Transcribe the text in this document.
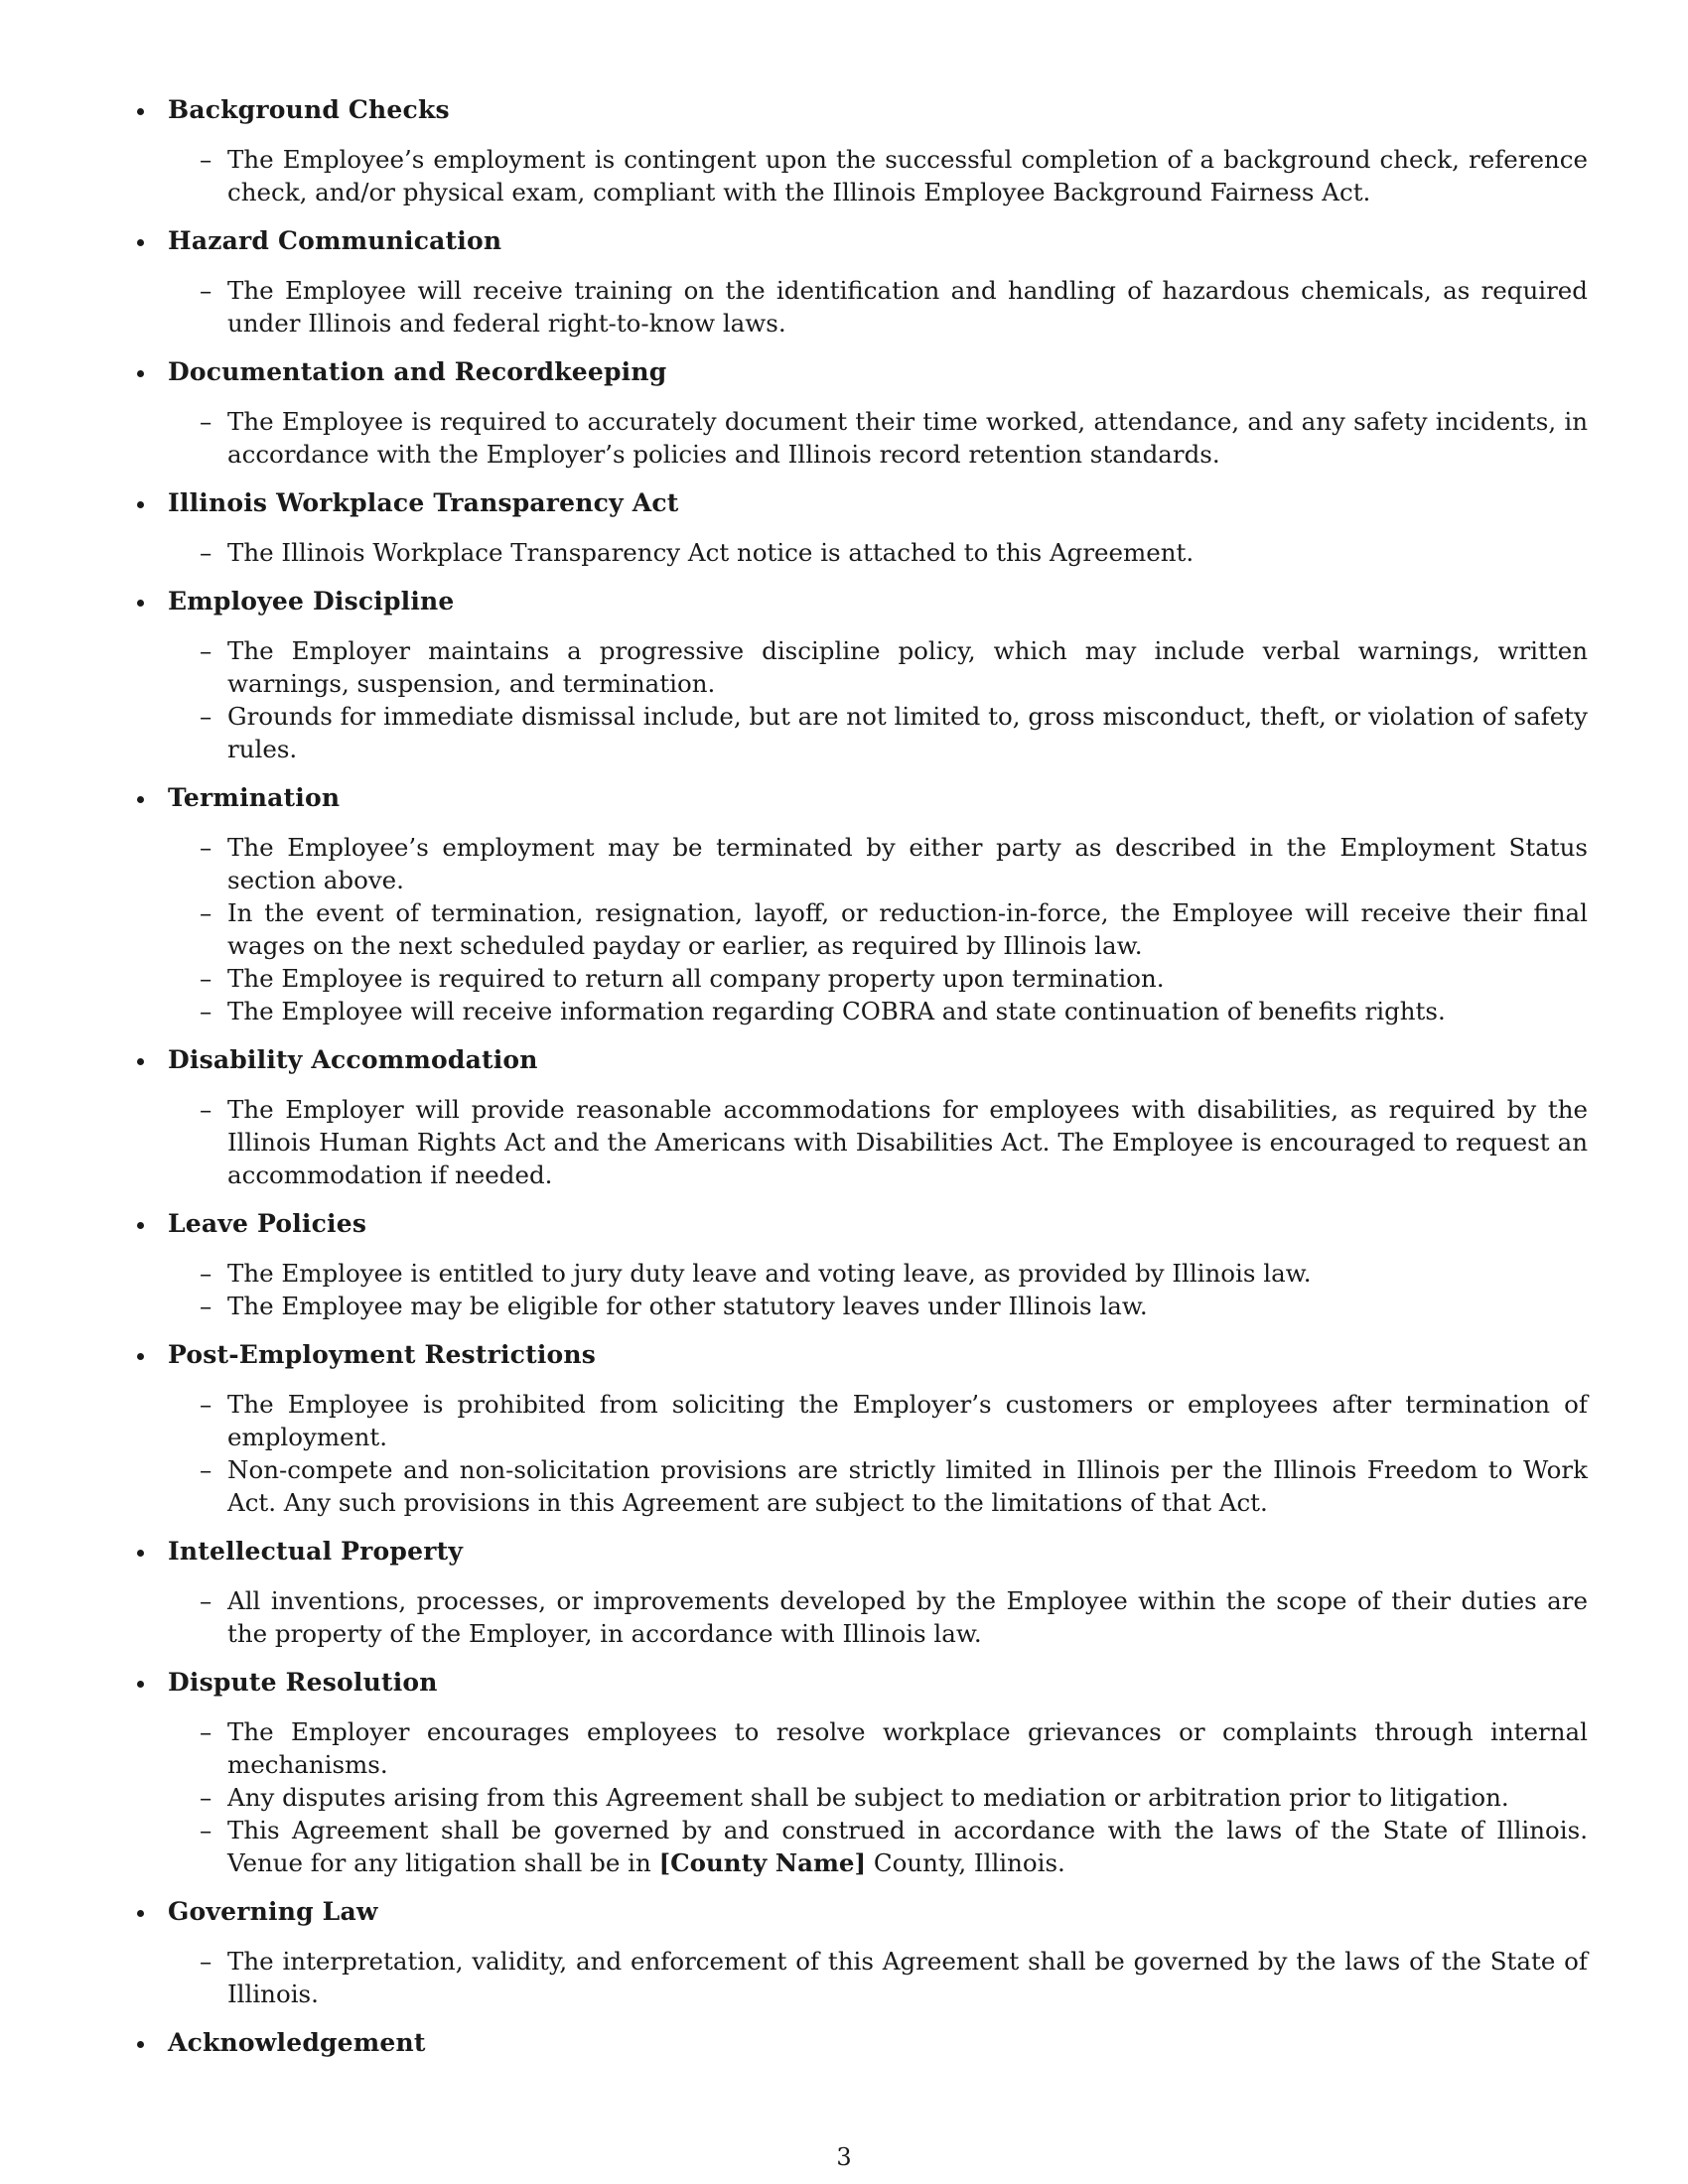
Background Checks
– The Employee’s employment is contingent upon the successful completion of a background check, reference check, and/or physical exam, compliant with the Illinois Employee Background Fairness Act.
Hazard Communication
– The Employee will receive training on the identification and handling of hazardous chemicals, as required under Illinois and federal right-to-know laws.
Documentation and Recordkeeping
– The Employee is required to accurately document their time worked, attendance, and any safety incidents, in accordance with the Employer’s policies and Illinois record retention standards.
Illinois Workplace Transparency Act
– The Illinois Workplace Transparency Act notice is attached to this Agreement.
Employee Discipline
– The Employer maintains a progressive discipline policy, which may include verbal warnings, written warnings, suspension, and termination.
– Grounds for immediate dismissal include, but are not limited to, gross misconduct, theft, or violation of safety rules.
Termination
– The Employee’s employment may be terminated by either party as described in the Employment Status section above.
– In the event of termination, resignation, layoff, or reduction-in-force, the Employee will receive their final wages on the next scheduled payday or earlier, as required by Illinois law.
– The Employee is required to return all company property upon termination.
– The Employee will receive information regarding COBRA and state continuation of benefits rights.
Disability Accommodation
– The Employer will provide reasonable accommodations for employees with disabilities, as required by the Illinois Human Rights Act and the Americans with Disabilities Act. The Employee is encouraged to request an accommodation if needed.
Leave Policies
– The Employee is entitled to jury duty leave and voting leave, as provided by Illinois law.
– The Employee may be eligible for other statutory leaves under Illinois law.
Post-Employment Restrictions
– The Employee is prohibited from soliciting the Employer’s customers or employees after termination of employment.
– Non-compete and non-solicitation provisions are strictly limited in Illinois per the Illinois Freedom to Work Act. Any such provisions in this Agreement are subject to the limitations of that Act.
Intellectual Property
– All inventions, processes, or improvements developed by the Employee within the scope of their duties are the property of the Employer, in accordance with Illinois law.
Dispute Resolution
– The Employer encourages employees to resolve workplace grievances or complaints through internal mechanisms.
– Any disputes arising from this Agreement shall be subject to mediation or arbitration prior to litigation.
– This Agreement shall be governed by and construed in accordance with the laws of the State of Illinois. Venue for any litigation shall be in [County Name] County, Illinois.
Governing Law
– The interpretation, validity, and enforcement of this Agreement shall be governed by the laws of the State of Illinois.
Acknowledgement
3
